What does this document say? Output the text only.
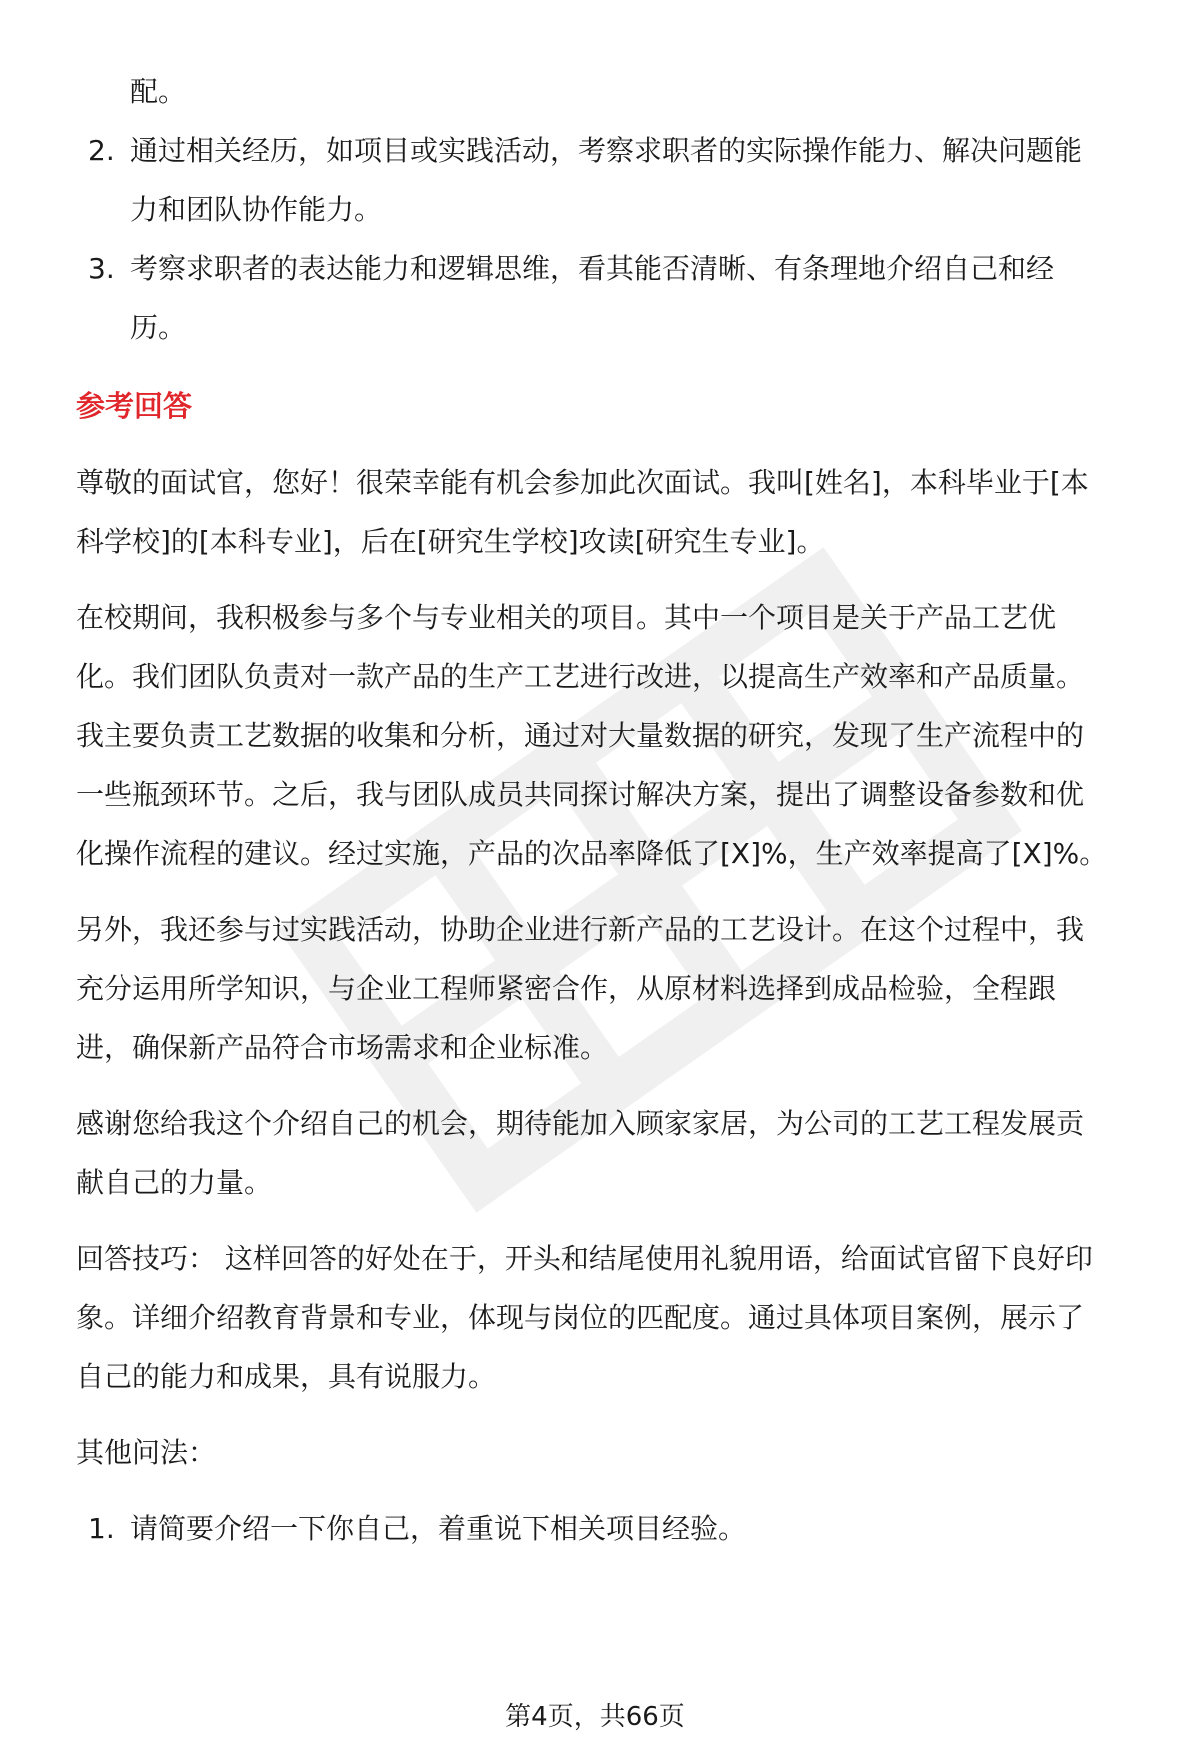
配。
2. 通过相关经历，如项目或实践活动，考察求职者的实际操作能力、解决问题能
力和团队协作能力。
3. 考察求职者的表达能力和逻辑思维，看其能否清晰、有条理地介绍自己和经
历。
参考回答
尊敬的面试官，您好！很荣幸能有机会参加此次面试。我叫[姓名]，本科毕业于[本
科学校]的[本科专业]，后在[研究生学校]攻读[研究生专业]。
在校期间，我积极参与多个与专业相关的项目。其中一个项目是关于产品工艺优
化。我们团队负责对一款产品的生产工艺进行改进，以提高生产效率和产品质量。
我主要负责工艺数据的收集和分析，通过对大量数据的研究，发现了生产流程中的
一些瓶颈环节。之后，我与团队成员共同探讨解决方案，提出了调整设备参数和优
化操作流程的建议。经过实施，产品的次品率降低了[X]%，生产效率提高了[X]%。
另外，我还参与过实践活动，协助企业进行新产品的工艺设计。在这个过程中，我
充分运用所学知识，与企业工程师紧密合作，从原材料选择到成品检验，全程跟
进，确保新产品符合市场需求和企业标准。
感谢您给我这个介绍自己的机会，期待能加入顾家家居，为公司的工艺工程发展贡
献自己的力量。
回答技巧： 这样回答的好处在于，开头和结尾使用礼貌用语，给面试官留下良好印
象。详细介绍教育背景和专业，体现与岗位的匹配度。通过具体项目案例，展示了
自己的能力和成果，具有说服力。
其他问法：
1. 请简要介绍一下你自己，着重说下相关项目经验。
第4页，共66页
